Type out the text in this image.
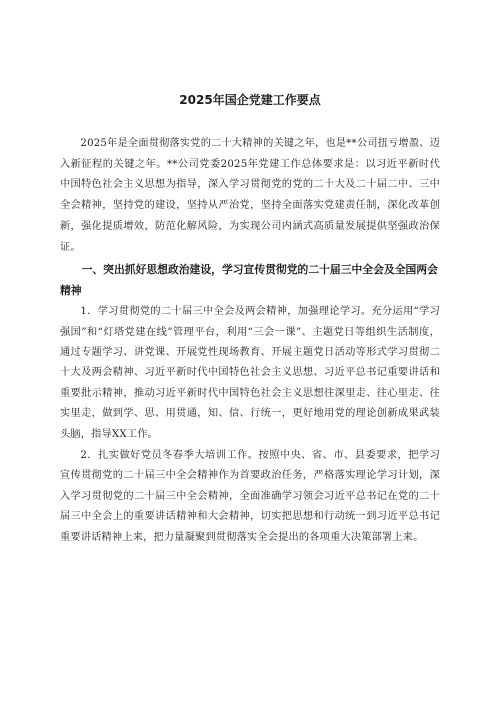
2025年国企党建工作要点

2025年是全面贯彻落实党的二十大精神的关键之年，也是**公司扭亏增盈、迈入新征程的关键之年。**公司党委2025年党建工作总体要求是：以习近平新时代中国特色社会主义思想为指导，深入学习贯彻党的党的二十大及二十届二中、三中全会精神，坚持党的建设，坚持从严治党，坚持全面落实党建责任制，深化改革创新，强化提质增效，防范化解风险，为实现公司内涵式高质量发展提供坚强政治保证。

一、突出抓好思想政治建设，学习宣传贯彻党的二十届三中全会及全国两会精神

1．学习贯彻党的二十届三中全会及两会精神，加强理论学习。充分运用“学习强国”和“灯塔党建在线”管理平台，利用“三会一课”、主题党日等组织生活制度，通过专题学习、讲党课、开展党性现场教育、开展主题党日活动等形式学习贯彻二十大及两会精神、习近平新时代中国特色社会主义思想、习近平总书记重要讲话和重要批示精神，推动习近平新时代中国特色社会主义思想往深里走、往心里走、往实里走，做到学、思、用贯通，知、信、行统一，更好地用党的理论创新成果武装头脑，指导XX工作。

2．扎实做好党员冬春季大培训工作。按照中央、省、市、县委要求，把学习宣传贯彻党的二十届三中全会精神作为首要政治任务，严格落实理论学习计划，深入学习贯彻党的二十届三中全会精神，全面准确学习领会习近平总书记在党的二十届三中全会上的重要讲话精神和大会精神，切实把思想和行动统一到习近平总书记重要讲话精神上来，把力量凝聚到贯彻落实全会提出的各项重大决策部署上来。
